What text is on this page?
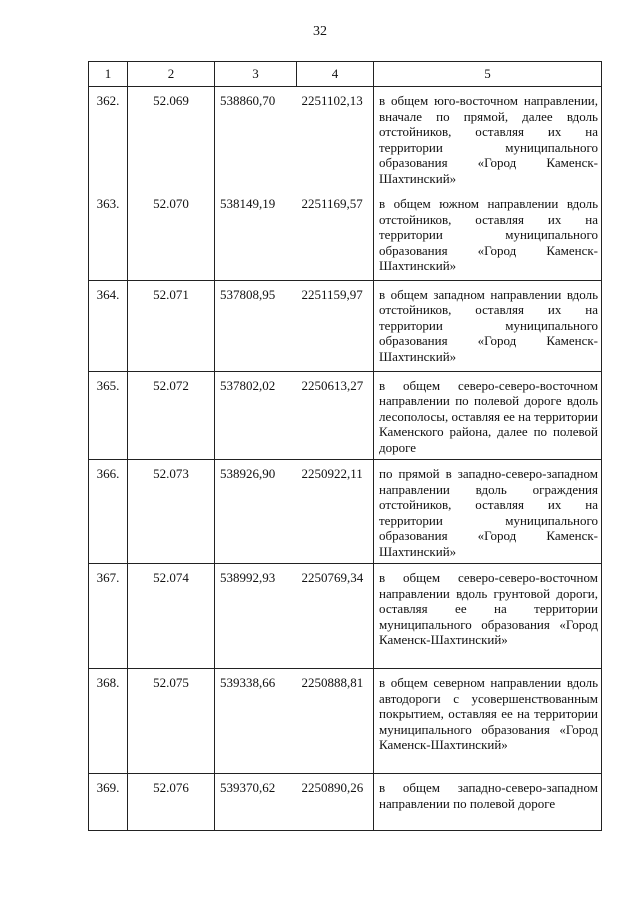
32
1	2	3	4	5
362.	52.069	538860,70	2251102,13	в общем юго-восточном направлении, вначале по прямой, далее вдоль отстойников, оставляя их на территории муниципального образования «Город Каменск-Шахтинский»
363.	52.070	538149,19	2251169,57	в общем южном направлении вдоль отстойников, оставляя их на территории муниципального образования «Город Каменск-Шахтинский»
364.	52.071	537808,95	2251159,97	в общем западном направлении вдоль отстойников, оставляя их на территории муниципального образования «Город Каменск-Шахтинский»
365.	52.072	537802,02	2250613,27	в общем северо-северо-восточном направлении по полевой дороге вдоль лесополосы, оставляя ее на территории Каменского района, далее по полевой дороге
366.	52.073	538926,90	2250922,11	по прямой в западно-северо-западном направлении вдоль ограждения отстойников, оставляя их на территории муниципального образования «Город Каменск-Шахтинский»
367.	52.074	538992,93	2250769,34	в общем северо-северо-восточном направлении вдоль грунтовой дороги, оставляя ее на территории муниципального образования «Город Каменск-Шахтинский»
368.	52.075	539338,66	2250888,81	в общем северном направлении вдоль автодороги с усовершенствованным покрытием, оставляя ее на территории муниципального образования «Город Каменск-Шахтинский»
369.	52.076	539370,62	2250890,26	в общем западно-северо-западном направлении по полевой дороге
